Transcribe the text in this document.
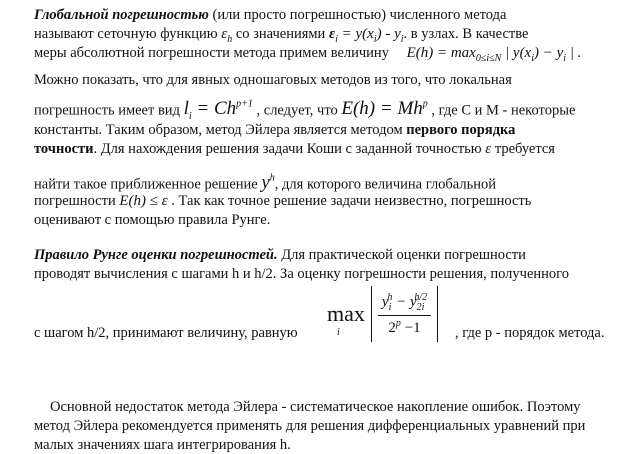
Глобальной погрешностью (или просто погрешностью) численного метода
называют сеточную функцию $\varepsilon_h$ со значениями $\varepsilon_i = y(x_i) - y_i$. в узлах. В качестве
меры абсолютной погрешности метода примем величину $E(h) = \max_{0\le i\le N}$ | $y(x_i) - y_i$ | .
Можно показать, что для явных одношаговых методов из того, что локальная
погрешность имеет вид $l_i = Ch^{p+1}$ , следует, что $E(h) = Mh^p$ , где C и M - некоторые
константы. Таким образом, метод Эйлера является методом первого порядка
точности. Для нахождения решения задачи Коши с заданной точностью ε требуется
найти такое приближенное решение $y^h$, для которого величина глобальной
погрешности E(h) ≤ ε . Так как точное решение задачи неизвестно, погрешность
оценивают с помощью правила Рунге.
Правило Рунге оценки погрешностей. Для практической оценки погрешности
проводят вычисления с шагами h и h/2. За оценку погрешности решения, полученного
max
i	$\frac{y_i^h - y_{2i}^{h/2}}{2^p -1}$
с шагом h/2, принимают величину, равную	, где p - порядок метода.
Основной недостаток метода Эйлера - систематическое накопление ошибок. Поэтому
метод Эйлера рекомендуется применять для решения дифференциальных уравнений при
малых значениях шага интегрирования h.
